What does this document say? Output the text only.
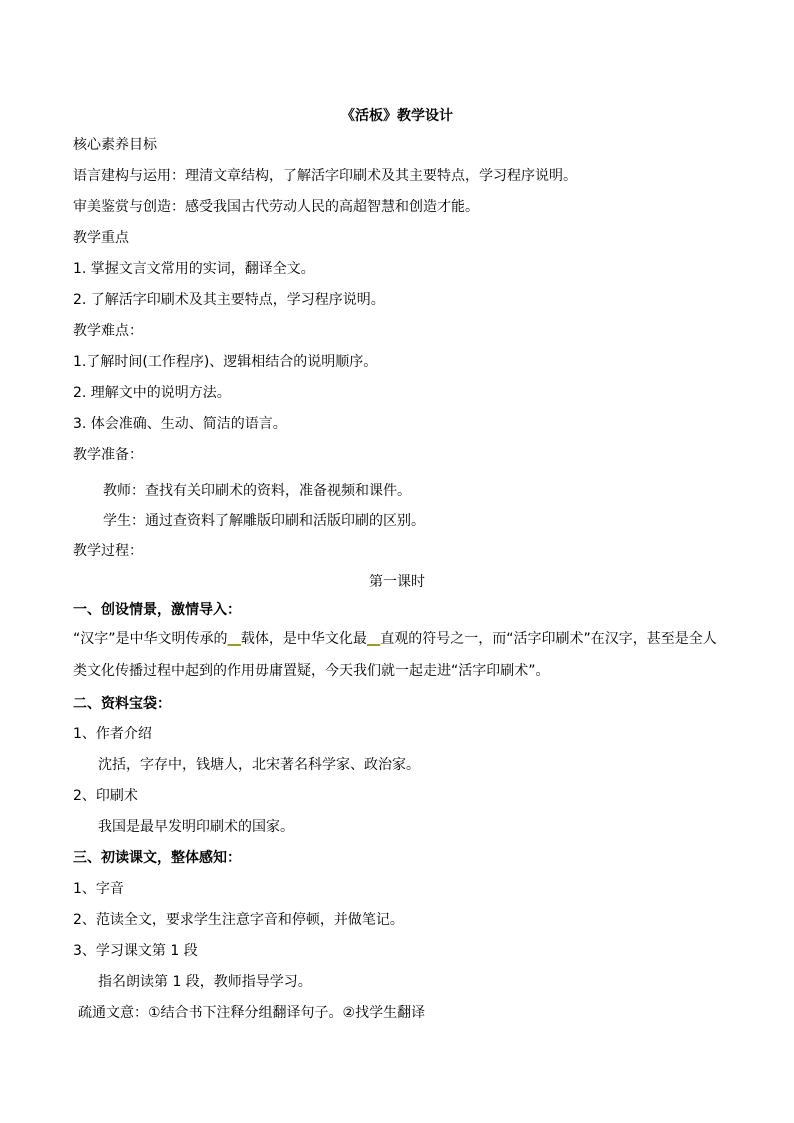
《活板》教学设计
核心素养目标
语言建构与运用：理清文章结构，了解活字印刷术及其主要特点，学习程序说明。
审美鉴赏与创造：感受我国古代劳动人民的高超智慧和创造才能。
教学重点
1. 掌握文言文常用的实词，翻译全文。
2. 了解活字印刷术及其主要特点，学习程序说明。
教学难点：
1.了解时间(工作程序)、逻辑相结合的说明顺序。
2. 理解文中的说明方法。
3. 体会准确、生动、简洁的语言。
教学准备：
教师：查找有关印刷术的资料，准备视频和课件。
学生：通过查资料了解雕版印刷和活版印刷的区别。
教学过程：
第一课时
一、创设情景，激情导入：
“汉字”是中华文明传承的 载体，是中华文化最 直观的符号之一，而“活字印刷术”在汉字，甚至是全人类文化传播过程中起到的作用毋庸置疑，今天我们就一起走进“活字印刷术”。
二、资料宝袋：
1、作者介绍
沈括，字存中，钱塘人，北宋著名科学家、政治家。
2、印刷术
我国是最早发明印刷术的国家。
三、初读课文，整体感知：
1、字音
2、范读全文，要求学生注意字音和停顿，并做笔记。
3、学习课文第 1 段
指名朗读第 1 段，教师指导学习。
疏通文意：①结合书下注释分组翻译句子。②找学生翻译
